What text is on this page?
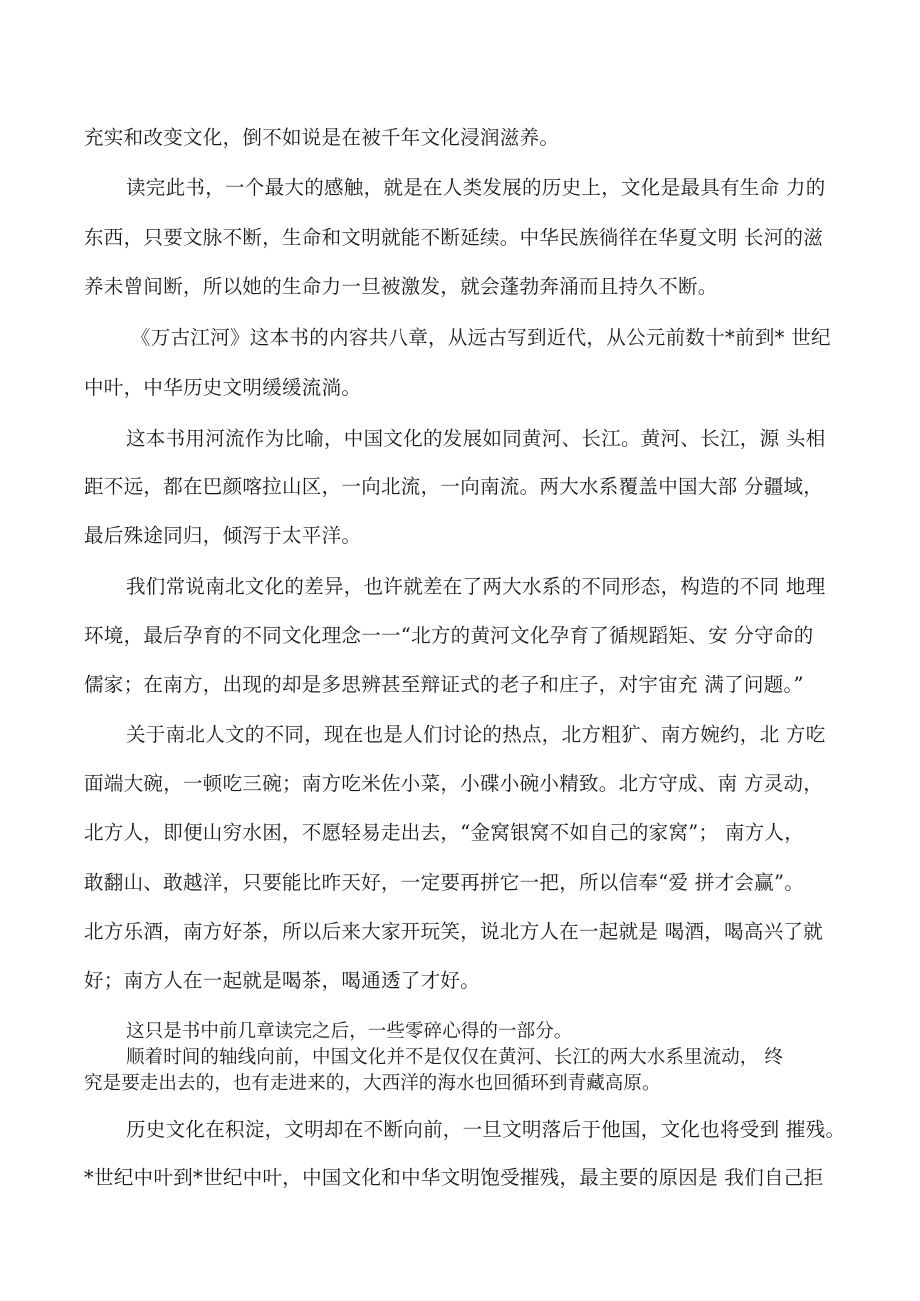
充实和改变文化，倒不如说是在被千年文化浸润滋养。
读完此书，一个最大的感触，就是在人类发展的历史上，文化是最具有生命 力的
东西，只要文脉不断，生命和文明就能不断延续。中华民族徜徉在华夏文明 长河的滋
养未曾间断，所以她的生命力一旦被激发，就会蓬勃奔涌而且持久不断。
《万古江河》这本书的内容共八章，从远古写到近代，从公元前数十*前到* 世纪
中叶，中华历史文明缓缓流淌。
这本书用河流作为比喻，中国文化的发展如同黄河、长江。黄河、长江，源 头相
距不远，都在巴颜喀拉山区，一向北流，一向南流。两大水系覆盖中国大部 分疆域，
最后殊途同归，倾泻于太平洋。
我们常说南北文化的差异，也许就差在了两大水系的不同形态，构造的不同 地理
环境，最后孕育的不同文化理念一一“北方的黄河文化孕育了循规蹈矩、安 分守命的
儒家；在南方，出现的却是多思辨甚至辩证式的老子和庄子，对宇宙充 满了问题。”
关于南北人文的不同，现在也是人们讨论的热点，北方粗犷、南方婉约，北 方吃
面端大碗，一顿吃三碗；南方吃米佐小菜，小碟小碗小精致。北方守成、南 方灵动，
北方人，即便山穷水困，不愿轻易走出去，“金窝银窝不如自己的家窝”； 南方人，
敢翻山、敢越洋，只要能比昨天好，一定要再拼它一把，所以信奉“爱 拼才会赢”。
北方乐酒，南方好茶，所以后来大家开玩笑，说北方人在一起就是 喝酒，喝高兴了就
好；南方人在一起就是喝茶，喝通透了才好。
这只是书中前几章读完之后，一些零碎心得的一部分。
顺着时间的轴线向前，中国文化并不是仅仅在黄河、长江的两大水系里流动， 终
究是要走出去的，也有走进来的，大西洋的海水也回循环到青藏高原。
历史文化在积淀，文明却在不断向前，一旦文明落后于他国，文化也将受到 摧残。
*世纪中叶到*世纪中叶，中国文化和中华文明饱受摧残，最主要的原因是 我们自己拒
